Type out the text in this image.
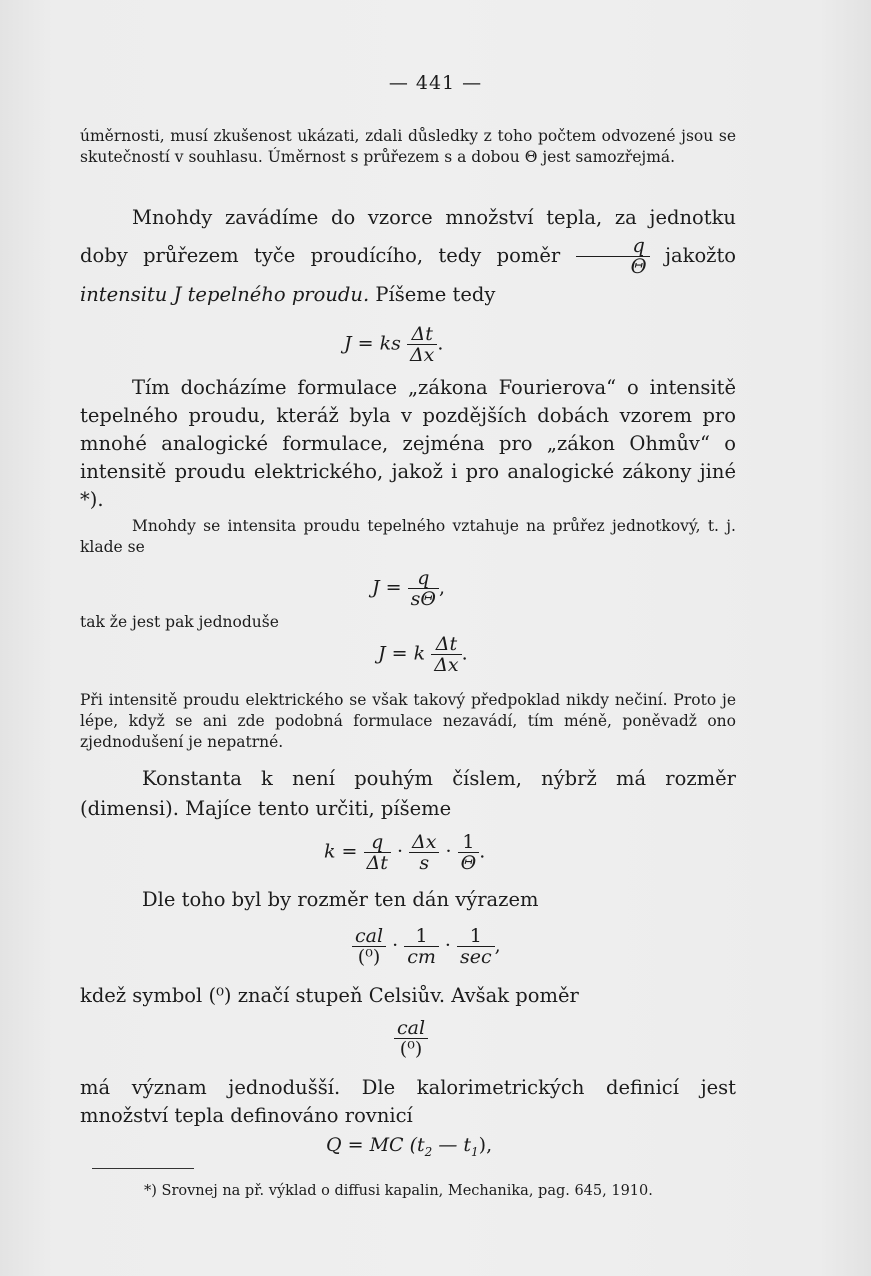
— 441 —
úměrnosti, musí zkušenost ukázati, zdali důsledky z toho počtem odvozené jsou se skutečností v souhlasu. Úměrnost s průřezem s a dobou Θ jest samozřejmá.
Mnohdy zavádíme do vzorce množství tepla, za jednotku doby průřezem tyče proudícího, tedy poměr $\frac{q}{\Theta}$ jakožto intensitu J tepelného proudu. Píšeme tedy
J = ks $\frac{\Delta t}{\Delta x}$ .
Tím docházíme formulace „zákona Fourierova“ o intensitě tepelného proudu, kteráž byla v pozdějších dobách vzorem pro mnohé analogické formulace, zejména pro „zákon Ohmův“ o intensitě proudu elektrického, jakož i pro analogické zákony jiné *).
Mnohdy se intensita proudu tepelného vztahuje na průřez jednotkový, t. j. klade se
$J = \frac{q}{s\Theta}$ ,
tak že jest pak jednoduše
J = k $\frac{\Delta t}{\Delta x}$ .
Při intensitě proudu elektrického se však takový předpoklad nikdy nečiní. Proto je lépe, když se ani zde podobná formulace nezavádí, tím méně, poněvadž ono zjednodušení je nepatrné.
Konstanta k není pouhým číslem, nýbrž má rozměr (dimensi). Majíce tento určiti, píšeme
$k = \frac{q}{\Delta t} \cdot \frac{\Delta x}{s} \cdot \frac{1}{\Theta}$ .
Dle toho byl by rozměr ten dán výrazem
$\frac{\text{cal}}{\text{(⁰)}} \cdot \frac{1}{cm} \cdot \frac{1}{\sec}$ ,
kdež symbol (⁰) značí stupeň Celsiův. Avšak poměr
$\frac{\text{cal}}{\text{(⁰)}}$
má význam jednodušší. Dle kalorimetrických definicí jest množství tepla definováno rovnicí
Q = MC ($t_2$ — $t_1$),
*) Srovnej na př. výklad o diffusi kapalin, Mechanika, pag. 645, 1910.
